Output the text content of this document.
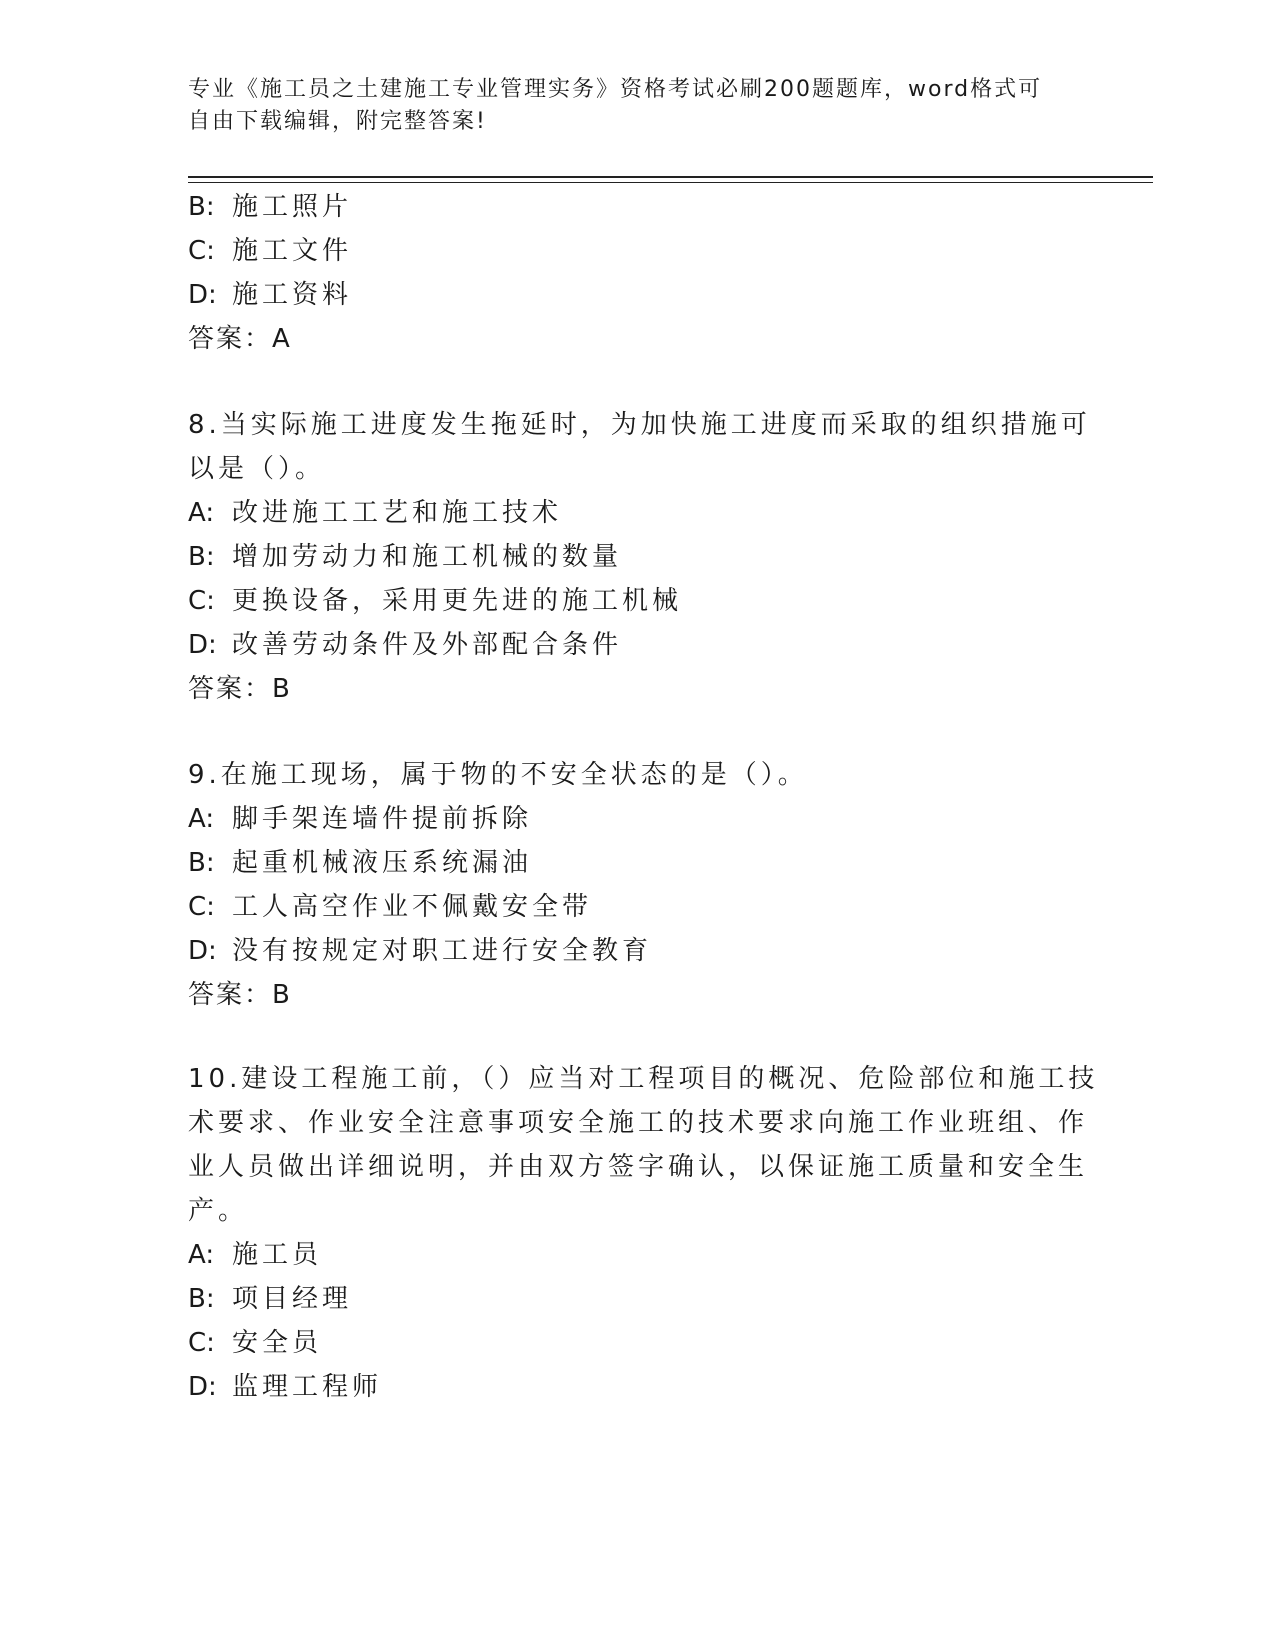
专业《施工员之土建施工专业管理实务》资格考试必刷200题题库，word格式可
自由下载编辑，附完整答案!
B: 施工照片
C: 施工文件
D: 施工资料
答案：A
8.当实际施工进度发生拖延时，为加快施工进度而采取的组织措施可
以是（）。
A: 改进施工工艺和施工技术
B: 增加劳动力和施工机械的数量
C: 更换设备，采用更先进的施工机械
D: 改善劳动条件及外部配合条件
答案：B
9.在施工现场，属于物的不安全状态的是（）。
A: 脚手架连墙件提前拆除
B: 起重机械液压系统漏油
C: 工人高空作业不佩戴安全带
D: 没有按规定对职工进行安全教育
答案：B
10.建设工程施工前，（）应当对工程项目的概况、危险部位和施工技
术要求、作业安全注意事项安全施工的技术要求向施工作业班组、作
业人员做出详细说明，并由双方签字确认，以保证施工质量和安全生
产。
A: 施工员
B: 项目经理
C: 安全员
D: 监理工程师
